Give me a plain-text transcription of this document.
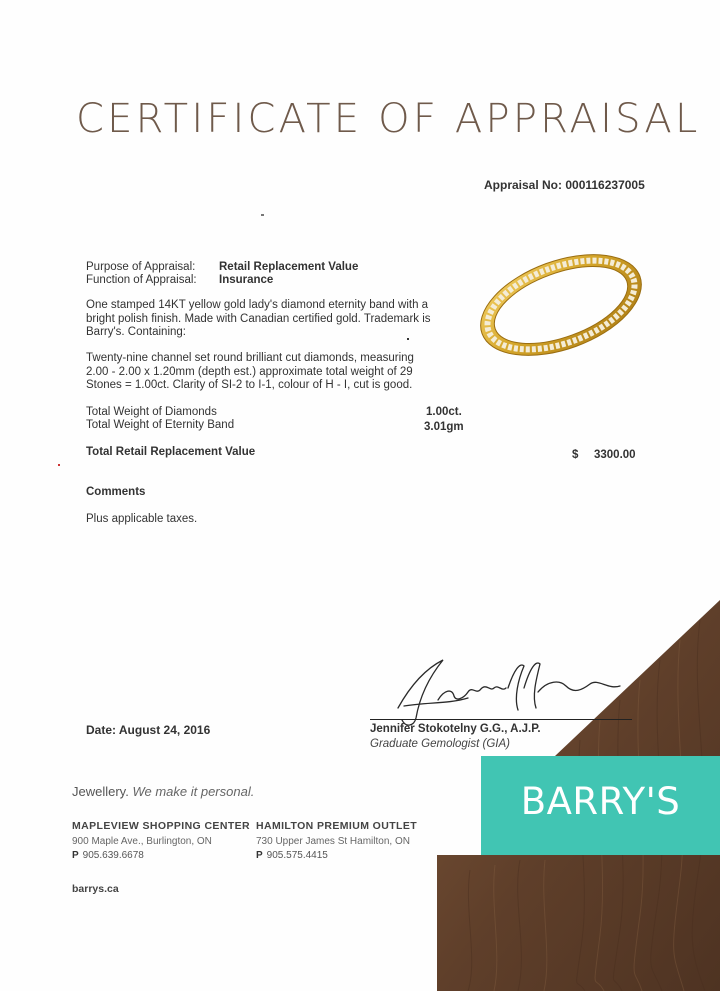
CERTIFICATE OF APPRAISAL
Appraisal No: 000116237005
Purpose of Appraisal: Retail Replacement Value
Function of Appraisal: Insurance
One stamped 14KT yellow gold lady's diamond eternity band with a bright polish finish. Made with Canadian certified gold. Trademark is Barry's. Containing:
Twenty-nine channel set round brilliant cut diamonds, measuring 2.00 - 2.00 x 1.20mm (depth est.) approximate total weight of 29 Stones = 1.00ct. Clarity of SI-2 to I-1, colour of H - I, cut is good.
Total Weight of Diamonds	1.00ct.
Total Weight of Eternity Band	3.01gm
Total Retail Replacement Value	$ 3300.00
Comments
Plus applicable taxes.
Jennifer Stokotelny G.G., A.J.P.
Graduate Gemologist (GIA)
Date: August 24, 2016
Jewellery. We make it personal.	BARRY'S
MAPLEVIEW SHOPPING CENTER
900 Maple Ave., Burlington, ON
P 905.639.6678
HAMILTON PREMIUM OUTLET
730 Upper James St Hamilton, ON
P 905.575.4415
barrys.ca
